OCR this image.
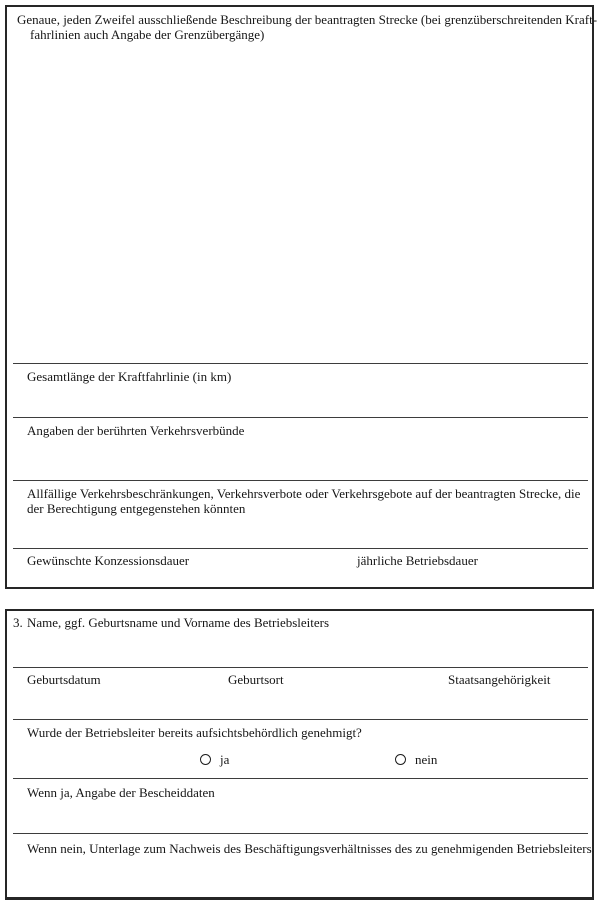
Genaue, jeden Zweifel ausschließende Beschreibung der beantragten Strecke (bei grenzüberschreitenden Kraft-
fahrlinien auch Angabe der Grenzübergänge)
Gesamtlänge der Kraftfahrlinie (in km)
Angaben der berührten Verkehrsverbünde
Allfällige Verkehrsbeschränkungen, Verkehrsverbote oder Verkehrsgebote auf der beantragten Strecke, die der Berechtigung entgegenstehen könnten
Gewünschte Konzessionsdauer	jährliche Betriebsdauer
3. Name, ggf. Geburtsname und Vorname des Betriebsleiters
Geburtsdatum	Geburtsort	Staatsangehörigkeit
Wurde der Betriebsleiter bereits aufsichtsbehördlich genehmigt?
ja	nein
Wenn ja, Angabe der Bescheiddaten
Wenn nein, Unterlage zum Nachweis des Beschäftigungsverhältnisses des zu genehmigenden Betriebsleiters
